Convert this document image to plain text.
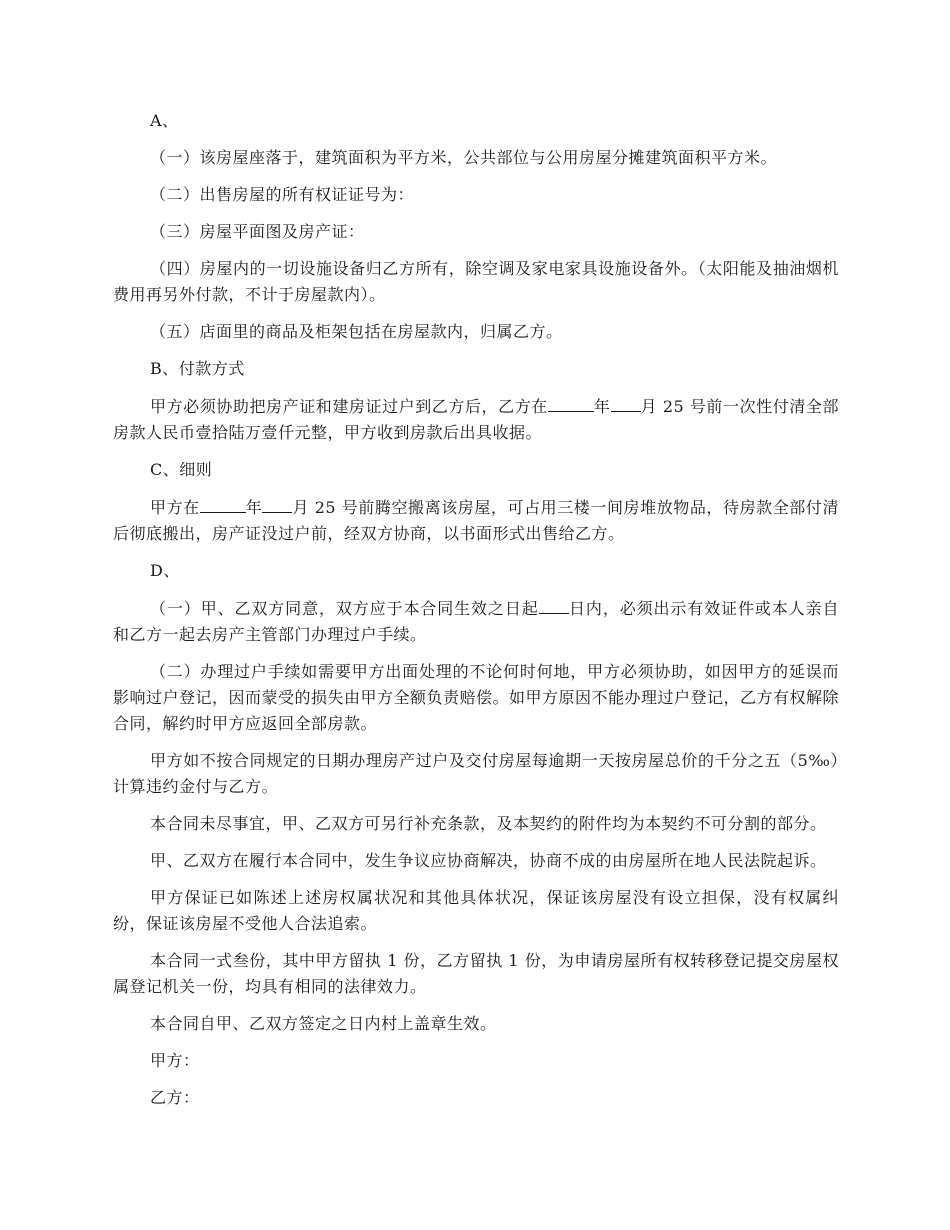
A、

（一）该房屋座落于，建筑面积为平方米，公共部位与公用房屋分摊建筑面积平方米。

（二）出售房屋的所有权证证号为：

（三）房屋平面图及房产证：

（四）房屋内的一切设施设备归乙方所有，除空调及家电家具设施设备外。（太阳能及抽油烟机费用再另外付款，不计于房屋款内）。

（五）店面里的商品及柜架包括在房屋款内，归属乙方。

B、付款方式

甲方必须协助把房产证和建房证过户到乙方后，乙方在	年 月 25 号前一次性付清全部房款人民币壹拾陆万壹仟元整，甲方收到房款后出具收据。

C、细则

甲方在	年 月 25 号前腾空搬离该房屋，可占用三楼一间房堆放物品，待房款全部付清后彻底搬出，房产证没过户前，经双方协商，以书面形式出售给乙方。

D、

（一）甲、乙双方同意，双方应于本合同生效之日起 日内，必须出示有效证件或本人亲自和乙方一起去房产主管部门办理过户手续。

（二）办理过户手续如需要甲方出面处理的不论何时何地，甲方必须协助，如因甲方的延误而影响过户登记，因而蒙受的损失由甲方全额负责赔偿。如甲方原因不能办理过户登记，乙方有权解除合同，解约时甲方应返回全部房款。

甲方如不按合同规定的日期办理房产过户及交付房屋每逾期一天按房屋总价的千分之五（5‰）计算违约金付与乙方。

本合同未尽事宜，甲、乙双方可另行补充条款，及本契约的附件均为本契约不可分割的部分。

甲、乙双方在履行本合同中，发生争议应协商解决，协商不成的由房屋所在地人民法院起诉。

甲方保证已如陈述上述房权属状况和其他具体状况，保证该房屋没有设立担保，没有权属纠纷，保证该房屋不受他人合法追索。

本合同一式叁份，其中甲方留执 1 份，乙方留执 1 份，为申请房屋所有权转移登记提交房屋权属登记机关一份，均具有相同的法律效力。

本合同自甲、乙双方签定之日内村上盖章生效。

甲方：

乙方：
